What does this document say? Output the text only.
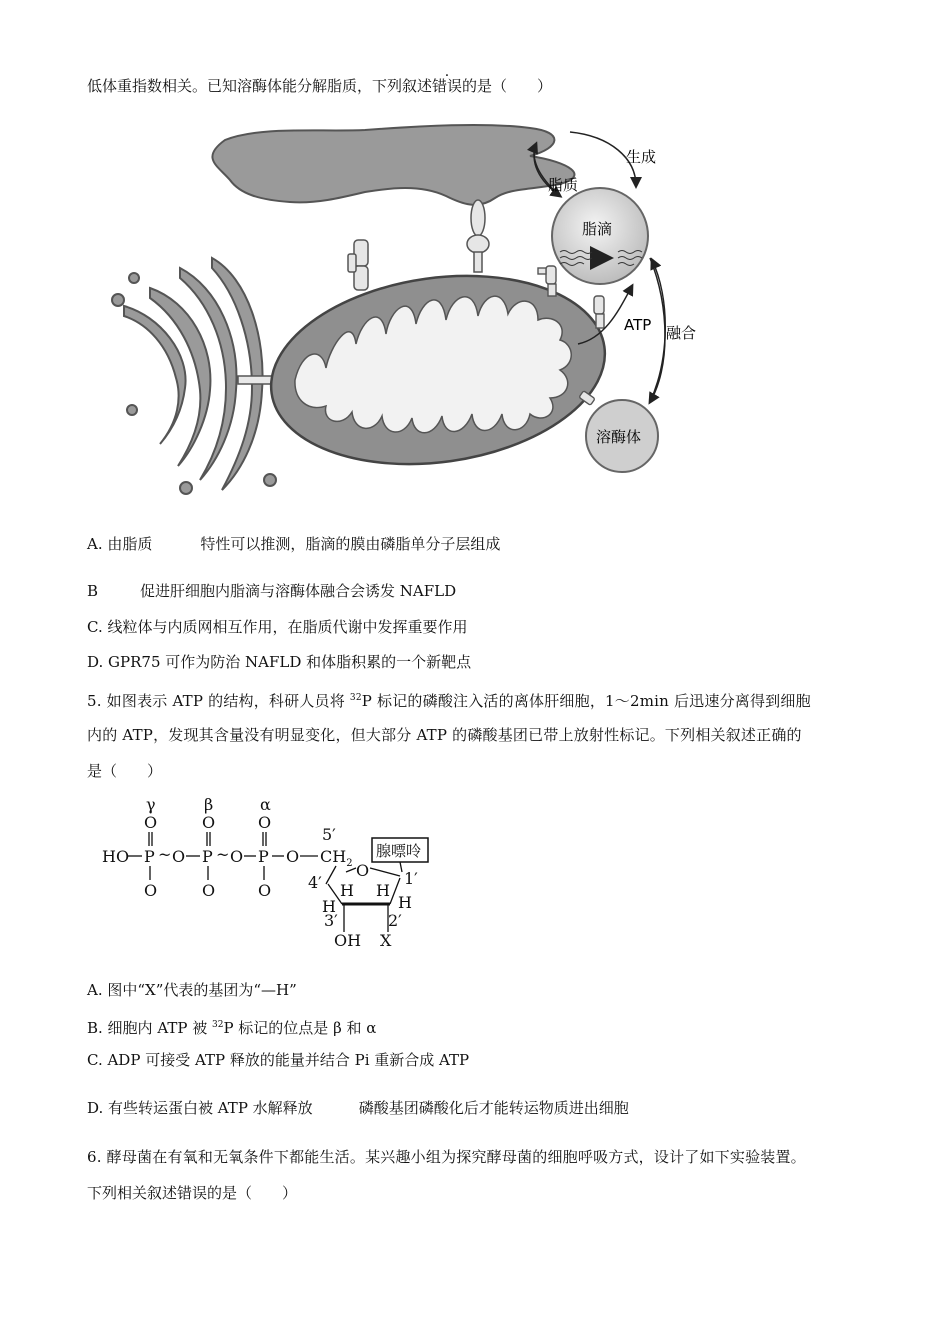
低体重指数相关。已知溶酶体能分解脂质，下列叙述错误的是（　　）
脂质
生成
脂滴
ATP 融合
溶酶体
A. 由脂质	特性可以推测，脂滴的膜由磷脂单分子层组成
B	促进肝细胞内脂滴与溶酶体融合会诱发 NAFLD
C. 线粒体与内质网相互作用，在脂质代谢中发挥重要作用
D. GPR75 可作为防治 NAFLD 和体脂积累的一个新靶点
5. 如图表示 ATP 的结构，科研人员将 $^{32}$P 标记的磷酸注入活的离体肝细胞，1～2min 后迅速分离得到细胞
内的 ATP，发现其含量没有明显变化，但大部分 ATP 的磷酸基团已带上放射性标记。下列相关叙述正确的
是（　　）
γ	β	α
O	O	O
HO P ~ O P ~ O P O $CH_2$
O	O	O
5′
O
4′	1′
H H
H	H
3′	2′
OH X
腺嘌呤
A. 图中“X”代表的基团为“—H”
B. 细胞内 ATP 被 $^{32}$P 标记的位点是 β 和 α
C. ADP 可接受 ATP 释放的能量并结合 Pi 重新合成 ATP
D. 有些转运蛋白被 ATP 水解释放	磷酸基团磷酸化后才能转运物质进出细胞
6. 酵母菌在有氧和无氧条件下都能生活。某兴趣小组为探究酵母菌的细胞呼吸方式，设计了如下实验装置。
下列相关叙述错误的是（　　）
